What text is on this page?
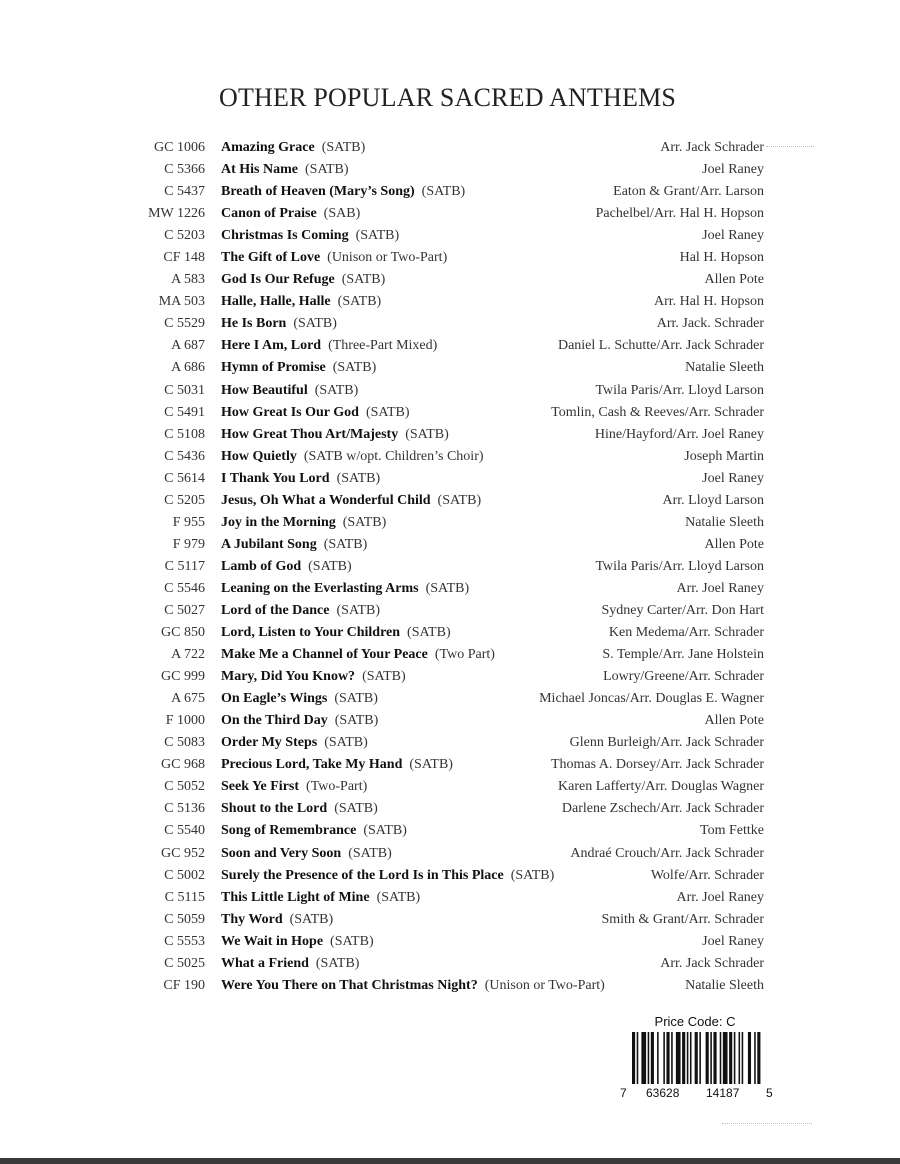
OTHER POPULAR SACRED ANTHEMS
GC 1006 Amazing Grace (SATB)	Arr. Jack Schrader
C 5366 At His Name (SATB)	Joel Raney
C 5437 Breath of Heaven (Mary’s Song) (SATB)	Eaton & Grant/Arr. Larson
MW 1226 Canon of Praise (SAB)	Pachelbel/Arr. Hal H. Hopson
C 5203 Christmas Is Coming (SATB)	Joel Raney
CF 148 The Gift of Love (Unison or Two-Part)	Hal H. Hopson
A 583 God Is Our Refuge (SATB)	Allen Pote
MA 503 Halle, Halle, Halle (SATB)	Arr. Hal H. Hopson
C 5529 He Is Born (SATB)	Arr. Jack. Schrader
A 687 Here I Am, Lord (Three-Part Mixed)	Daniel L. Schutte/Arr. Jack Schrader
A 686 Hymn of Promise (SATB)	Natalie Sleeth
C 5031 How Beautiful (SATB)	Twila Paris/Arr. Lloyd Larson
C 5491 How Great Is Our God (SATB)	Tomlin, Cash & Reeves/Arr. Schrader
C 5108 How Great Thou Art/Majesty (SATB)	Hine/Hayford/Arr. Joel Raney
C 5436 How Quietly (SATB w/opt. Children’s Choir)	Joseph Martin
C 5614 I Thank You Lord (SATB)	Joel Raney
C 5205 Jesus, Oh What a Wonderful Child (SATB)	Arr. Lloyd Larson
F 955 Joy in the Morning (SATB)	Natalie Sleeth
F 979 A Jubilant Song (SATB)	Allen Pote
C 5117 Lamb of God (SATB)	Twila Paris/Arr. Lloyd Larson
C 5546 Leaning on the Everlasting Arms (SATB)	Arr. Joel Raney
C 5027 Lord of the Dance (SATB)	Sydney Carter/Arr. Don Hart
GC 850 Lord, Listen to Your Children (SATB)	Ken Medema/Arr. Schrader
A 722 Make Me a Channel of Your Peace (Two Part)	S. Temple/Arr. Jane Holstein
GC 999 Mary, Did You Know? (SATB)	Lowry/Greene/Arr. Schrader
A 675 On Eagle’s Wings (SATB)	Michael Joncas/Arr. Douglas E. Wagner
F 1000 On the Third Day (SATB)	Allen Pote
C 5083 Order My Steps (SATB)	Glenn Burleigh/Arr. Jack Schrader
GC 968 Precious Lord, Take My Hand (SATB)	Thomas A. Dorsey/Arr. Jack Schrader
C 5052 Seek Ye First (Two-Part)	Karen Lafferty/Arr. Douglas Wagner
C 5136 Shout to the Lord (SATB)	Darlene Zschech/Arr. Jack Schrader
C 5540 Song of Remembrance (SATB)	Tom Fettke
GC 952 Soon and Very Soon (SATB)	Andraé Crouch/Arr. Jack Schrader
C 5002 Surely the Presence of the Lord Is in This Place (SATB)	Wolfe/Arr. Schrader
C 5115 This Little Light of Mine (SATB)	Arr. Joel Raney
C 5059 Thy Word (SATB)	Smith & Grant/Arr. Schrader
C 5553 We Wait in Hope (SATB)	Joel Raney
C 5025 What a Friend (SATB)	Arr. Jack Schrader
CF 190 Were You There on That Christmas Night? (Unison or Two-Part)	Natalie Sleeth
Price Code: C
7 63628 14187 5
